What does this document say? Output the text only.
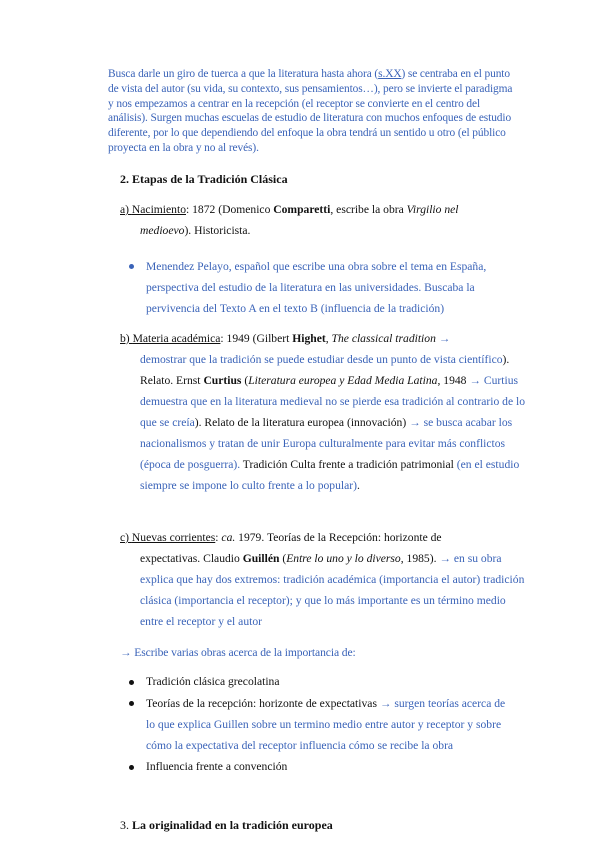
Busca darle un giro de tuerca a que la literatura hasta ahora (s.XX) se centraba en el punto de vista del autor (su vida, su contexto, sus pensamientos…), pero se invierte el paradigma y nos empezamos a centrar en la recepción (el receptor se convierte en el centro del análisis). Surgen muchas escuelas de estudio de literatura con muchos enfoques de estudio diferente, por lo que dependiendo del enfoque la obra tendrá un sentido u otro (el público proyecta en la obra y no al revés).
2. Etapas de la Tradición Clásica
a) Nacimiento: 1872 (Domenico Comparetti, escribe la obra Virgilio nel
medioevo). Historicista.
Menendez Pelayo, español que escribe una obra sobre el tema en España, perspectiva del estudio de la literatura en las universidades. Buscaba la pervivencia del Texto A en el texto B (influencia de la tradición)
b) Materia académica: 1949 (Gilbert Highet, The classical tradition →
demostrar que la tradición se puede estudiar desde un punto de vista científico). Relato. Ernst Curtius (Literatura europea y Edad Media Latina, 1948 → Curtius demuestra que en la literatura medieval no se pierde esa tradición al contrario de lo que se creía). Relato de la literatura europea (innovación) → se busca acabar los nacionalismos y tratan de unir Europa culturalmente para evitar más conflictos (época de posguerra). Tradición Culta frente a tradición patrimonial (en el estudio siempre se impone lo culto frente a lo popular).
c) Nuevas corrientes: ca. 1979. Teorías de la Recepción: horizonte de
expectativas. Claudio Guillén (Entre lo uno y lo diverso, 1985). → en su obra explica que hay dos extremos: tradición académica (importancia el autor) tradición clásica (importancia el receptor); y que lo más importante es un término medio entre el receptor y el autor
→ Escribe varias obras acerca de la importancia de:
Tradición clásica grecolatina
Teorías de la recepción: horizonte de expectativas → surgen teorías acerca de lo que explica Guillen sobre un termino medio entre autor y receptor y sobre cómo la expectativa del receptor influencia cómo se recibe la obra
Influencia frente a convención
3. La originalidad en la tradición europea
